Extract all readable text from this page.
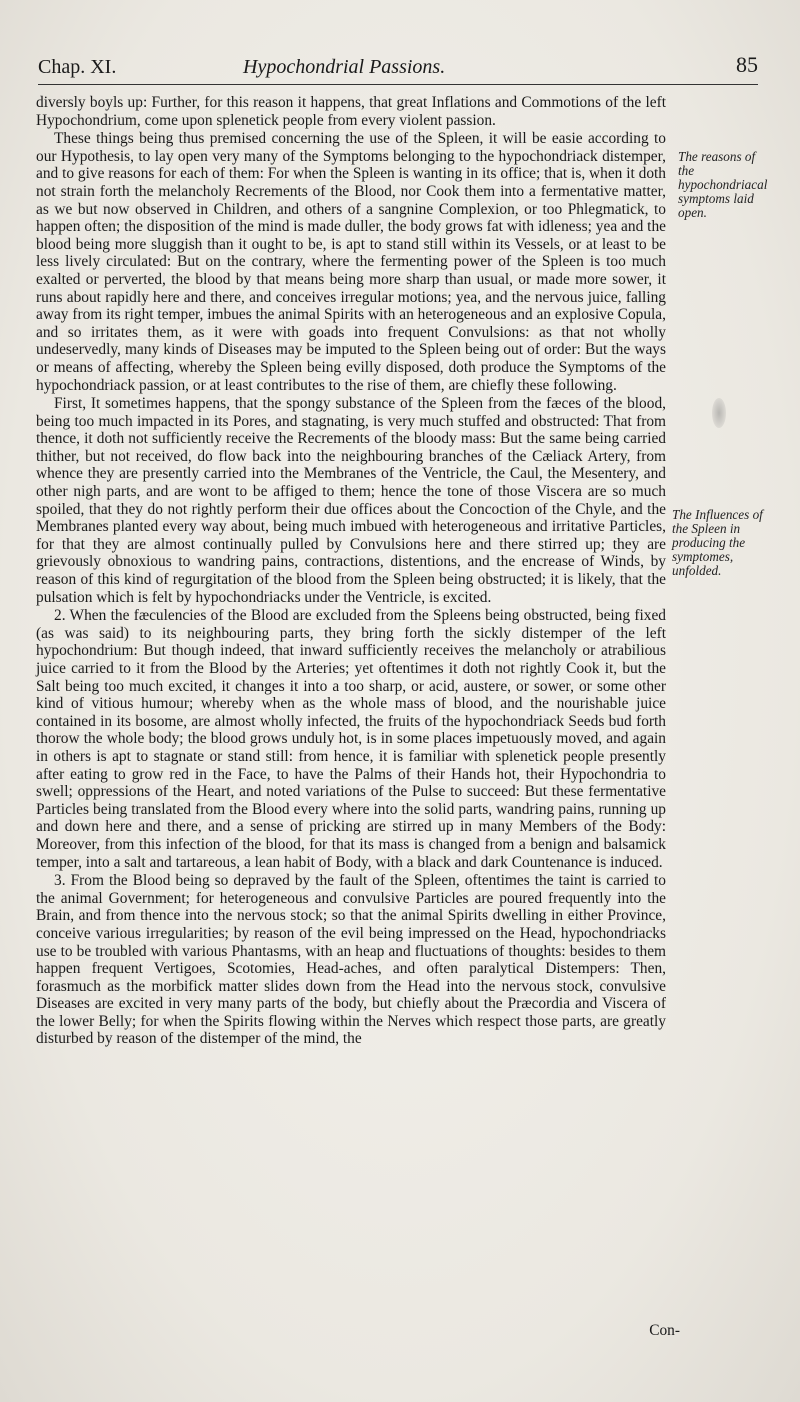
Chap. XI.	Hypochondrial Passions.	85

diversly boyls up: Further, for this reason it happens, that great Inflations and Commotions of the left Hypochondrium, come upon splenetick people from every violent passion.

These things being thus premised concerning the use of the Spleen, it will be easie according to our Hypothesis, to lay open very many of the Symptoms belonging to the hypochondriack distemper, and to give reasons for each of them: For when the Spleen is wanting in its office; that is, when it doth not strain forth the melancholy Recrements of the Blood, nor Cook them into a fermentative matter, as we but now observed in Children, and others of a sangnine Complexion, or too Phlegmatick, to happen often; the disposition of the mind is made duller, the body grows fat with idleness; yea and the blood being more sluggish than it ought to be, is apt to stand still within its Vessels, or at least to be less lively circulated: But on the contrary, where the fermenting power of the Spleen is too much exalted or perverted, the blood by that means being more sharp than usual, or made more sower, it runs about rapidly here and there, and conceives irregular motions; yea, and the nervous juice, falling away from its right temper, imbues the animal Spirits with an heterogeneous and an explosive Copula, and so irritates them, as it were with goads into frequent Convulsions: as that not wholly undeservedly, many kinds of Diseases may be imputed to the Spleen being out of order: But the ways or means of affecting, whereby the Spleen being evilly disposed, doth produce the Symptoms of the hypochondriack passion, or at least contributes to the rise of them, are chiefly these following.

First, It sometimes happens, that the spongy substance of the Spleen from the fæces of the blood, being too much impacted in its Pores, and stagnating, is very much stuffed and obstructed: That from thence, it doth not sufficiently receive the Recrements of the bloody mass: But the same being carried thither, but not received, do flow back into the neighbouring branches of the Cæliack Artery, from whence they are presently carried into the Membranes of the Ventricle, the Caul, the Mesentery, and other nigh parts, and are wont to be affiged to them; hence the tone of those Viscera are so much spoiled, that they do not rightly perform their due offices about the Concoction of the Chyle, and the Membranes planted every way about, being much imbued with heterogeneous and irritative Particles, for that they are almost continually pulled by Convulsions here and there stirred up; they are grievously obnoxious to wandring pains, contractions, distentions, and the encrease of Winds, by reason of this kind of regurgitation of the blood from the Spleen being obstructed; it is likely, that the pulsation which is felt by hypochondriacks under the Ventricle, is excited.

2. When the fæculencies of the Blood are excluded from the Spleens being obstructed, being fixed (as was said) to its neighbouring parts, they bring forth the sickly distemper of the left hypochondrium: But though indeed, that inward sufficiently receives the melancholy or atrabilious juice carried to it from the Blood by the Arteries; yet oftentimes it doth not rightly Cook it, but the Salt being too much excited, it changes it into a too sharp, or acid, austere, or sower, or some other kind of vitious humour; whereby when as the whole mass of blood, and the nourishable juice contained in its bosome, are almost wholly infected, the fruits of the hypochondriack Seeds bud forth thorow the whole body; the blood grows unduly hot, is in some places impetuously moved, and again in others is apt to stagnate or stand still: from hence, it is familiar with splenetick people presently after eating to grow red in the Face, to have the Palms of their Hands hot, their Hypochondria to swell; oppressions of the Heart, and noted variations of the Pulse to succeed: But these fermentative Particles being translated from the Blood every where into the solid parts, wandring pains, running up and down here and there, and a sense of pricking are stirred up in many Members of the Body: Moreover, from this infection of the blood, for that its mass is changed from a benign and balsamick temper, into a salt and tartareous, a lean habit of Body, with a black and dark Countenance is induced.

3. From the Blood being so depraved by the fault of the Spleen, oftentimes the taint is carried to the animal Government; for heterogeneous and convulsive Particles are poured frequently into the Brain, and from thence into the nervous stock; so that the animal Spirits dwelling in either Province, conceive various irregularities; by reason of the evil being impressed on the Head, hypochondriacks use to be troubled with various Phantasms, with an heap and fluctuations of thoughts: besides to them happen frequent Vertigoes, Scotomies, Head-aches, and often paralytical Distempers: Then, forasmuch as the morbifick matter slides down from the Head into the nervous stock, convulsive Diseases are excited in very many parts of the body, but chiefly about the Præcordia and Viscera of the lower Belly; for when the Spirits flowing within the Nerves which respect those parts, are greatly disturbed by reason of the distemper of the mind, the

The reasons of the hypochondriacal symptoms laid open.
The Influences of the Spleen in producing the symptomes, unfolded.
Con-
